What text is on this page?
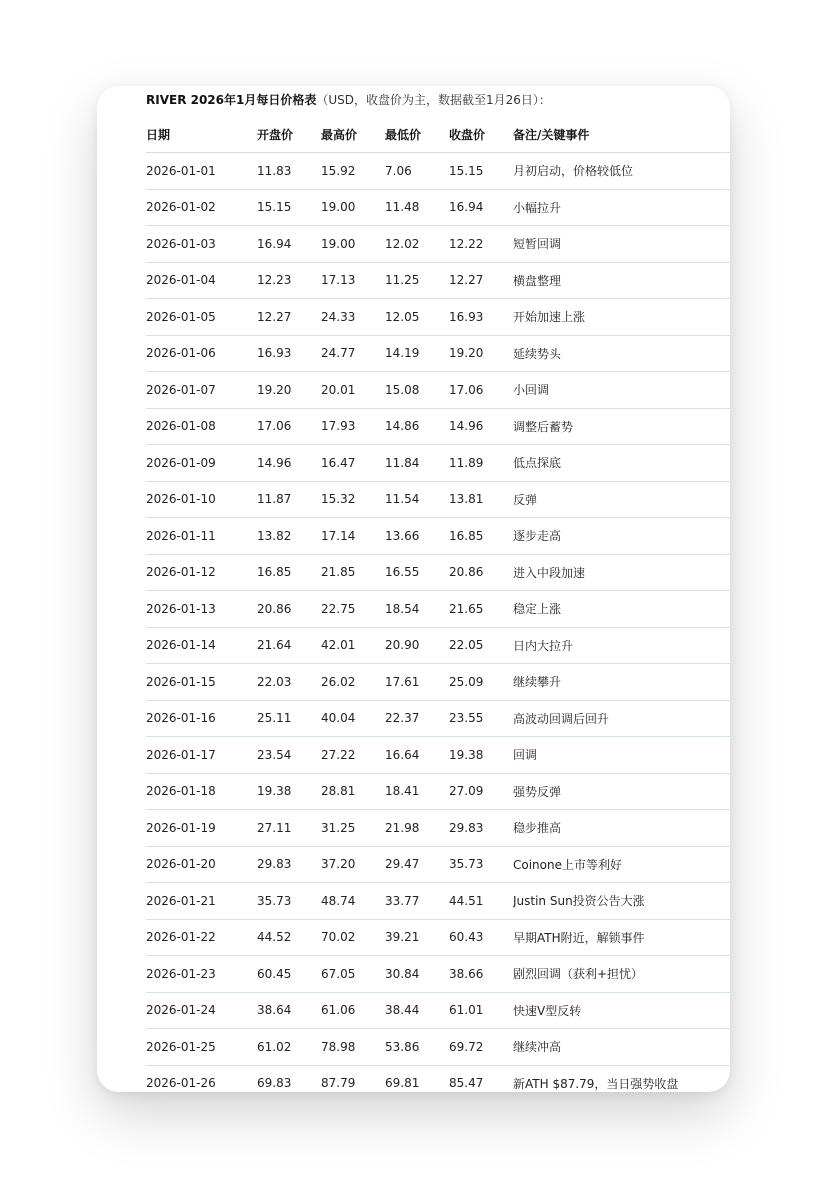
RIVER 2026年1月每日价格表（USD，收盘价为主，数据截至1月26日）：
日期	开盘价	最高价	最低价	收盘价	备注/关键事件
2026-01-01	11.83	15.92	7.06	15.15	月初启动，价格较低位
2026-01-02	15.15	19.00	11.48	16.94	小幅拉升
2026-01-03	16.94	19.00	12.02	12.22	短暂回调
2026-01-04	12.23	17.13	11.25	12.27	横盘整理
2026-01-05	12.27	24.33	12.05	16.93	开始加速上涨
2026-01-06	16.93	24.77	14.19	19.20	延续势头
2026-01-07	19.20	20.01	15.08	17.06	小回调
2026-01-08	17.06	17.93	14.86	14.96	调整后蓄势
2026-01-09	14.96	16.47	11.84	11.89	低点探底
2026-01-10	11.87	15.32	11.54	13.81	反弹
2026-01-11	13.82	17.14	13.66	16.85	逐步走高
2026-01-12	16.85	21.85	16.55	20.86	进入中段加速
2026-01-13	20.86	22.75	18.54	21.65	稳定上涨
2026-01-14	21.64	42.01	20.90	22.05	日内大拉升
2026-01-15	22.03	26.02	17.61	25.09	继续攀升
2026-01-16	25.11	40.04	22.37	23.55	高波动回调后回升
2026-01-17	23.54	27.22	16.64	19.38	回调
2026-01-18	19.38	28.81	18.41	27.09	强势反弹
2026-01-19	27.11	31.25	21.98	29.83	稳步推高
2026-01-20	29.83	37.20	29.47	35.73	Coinone上市等利好
2026-01-21	35.73	48.74	33.77	44.51	Justin Sun投资公告大涨
2026-01-22	44.52	70.02	39.21	60.43	早期ATH附近，解锁事件
2026-01-23	60.45	67.05	30.84	38.66	剧烈回调（获利+担忧）
2026-01-24	38.64	61.06	38.44	61.01	快速V型反转
2026-01-25	61.02	78.98	53.86	69.72	继续冲高
2026-01-26	69.83	87.79	69.81	85.47	新ATH $87.79，当日强势收盘
